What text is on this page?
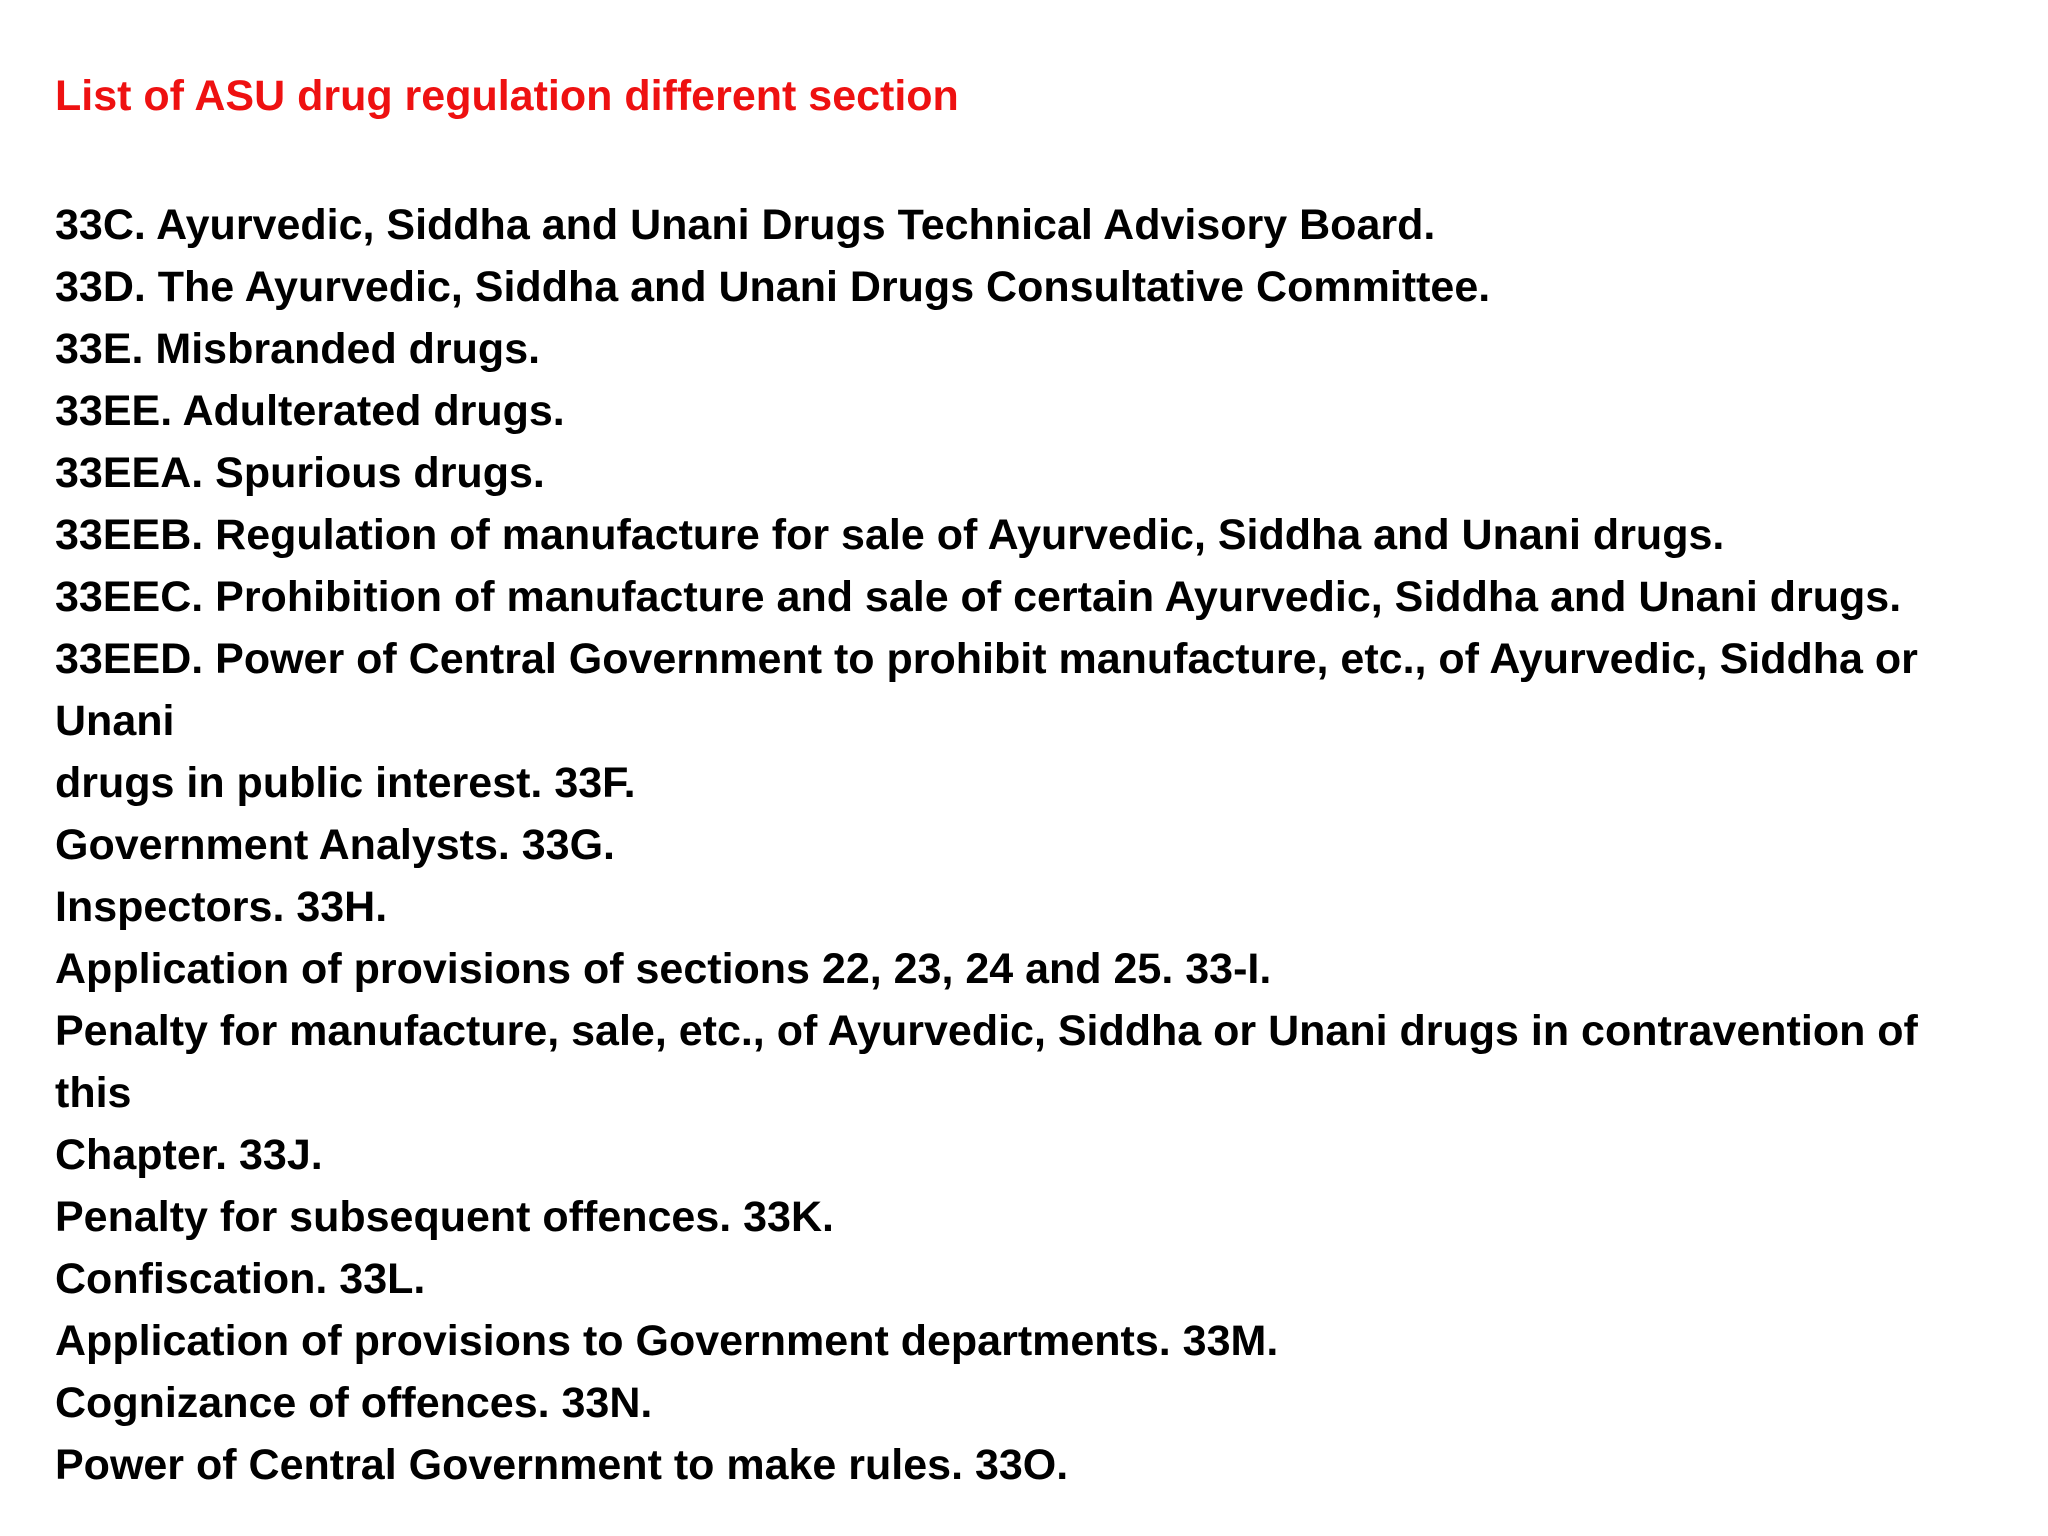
List of ASU drug regulation different section
33C. Ayurvedic, Siddha and Unani Drugs Technical Advisory Board.
33D. The Ayurvedic, Siddha and Unani Drugs Consultative Committee.
33E. Misbranded drugs.
33EE. Adulterated drugs.
33EEA. Spurious drugs.
33EEB. Regulation of manufacture for sale of Ayurvedic, Siddha and Unani drugs.
33EEC. Prohibition of manufacture and sale of certain Ayurvedic, Siddha and Unani drugs.
33EED. Power of Central Government to prohibit manufacture, etc., of Ayurvedic, Siddha or
Unani
drugs in public interest. 33F.
Government Analysts. 33G.
Inspectors. 33H.
Application of provisions of sections 22, 23, 24 and 25. 33-I.
Penalty for manufacture, sale, etc., of Ayurvedic, Siddha or Unani drugs in contravention of
this
Chapter. 33J.
Penalty for subsequent offences. 33K.
Confiscation. 33L.
Application of provisions to Government departments. 33M.
Cognizance of offences. 33N.
Power of Central Government to make rules. 33O.
